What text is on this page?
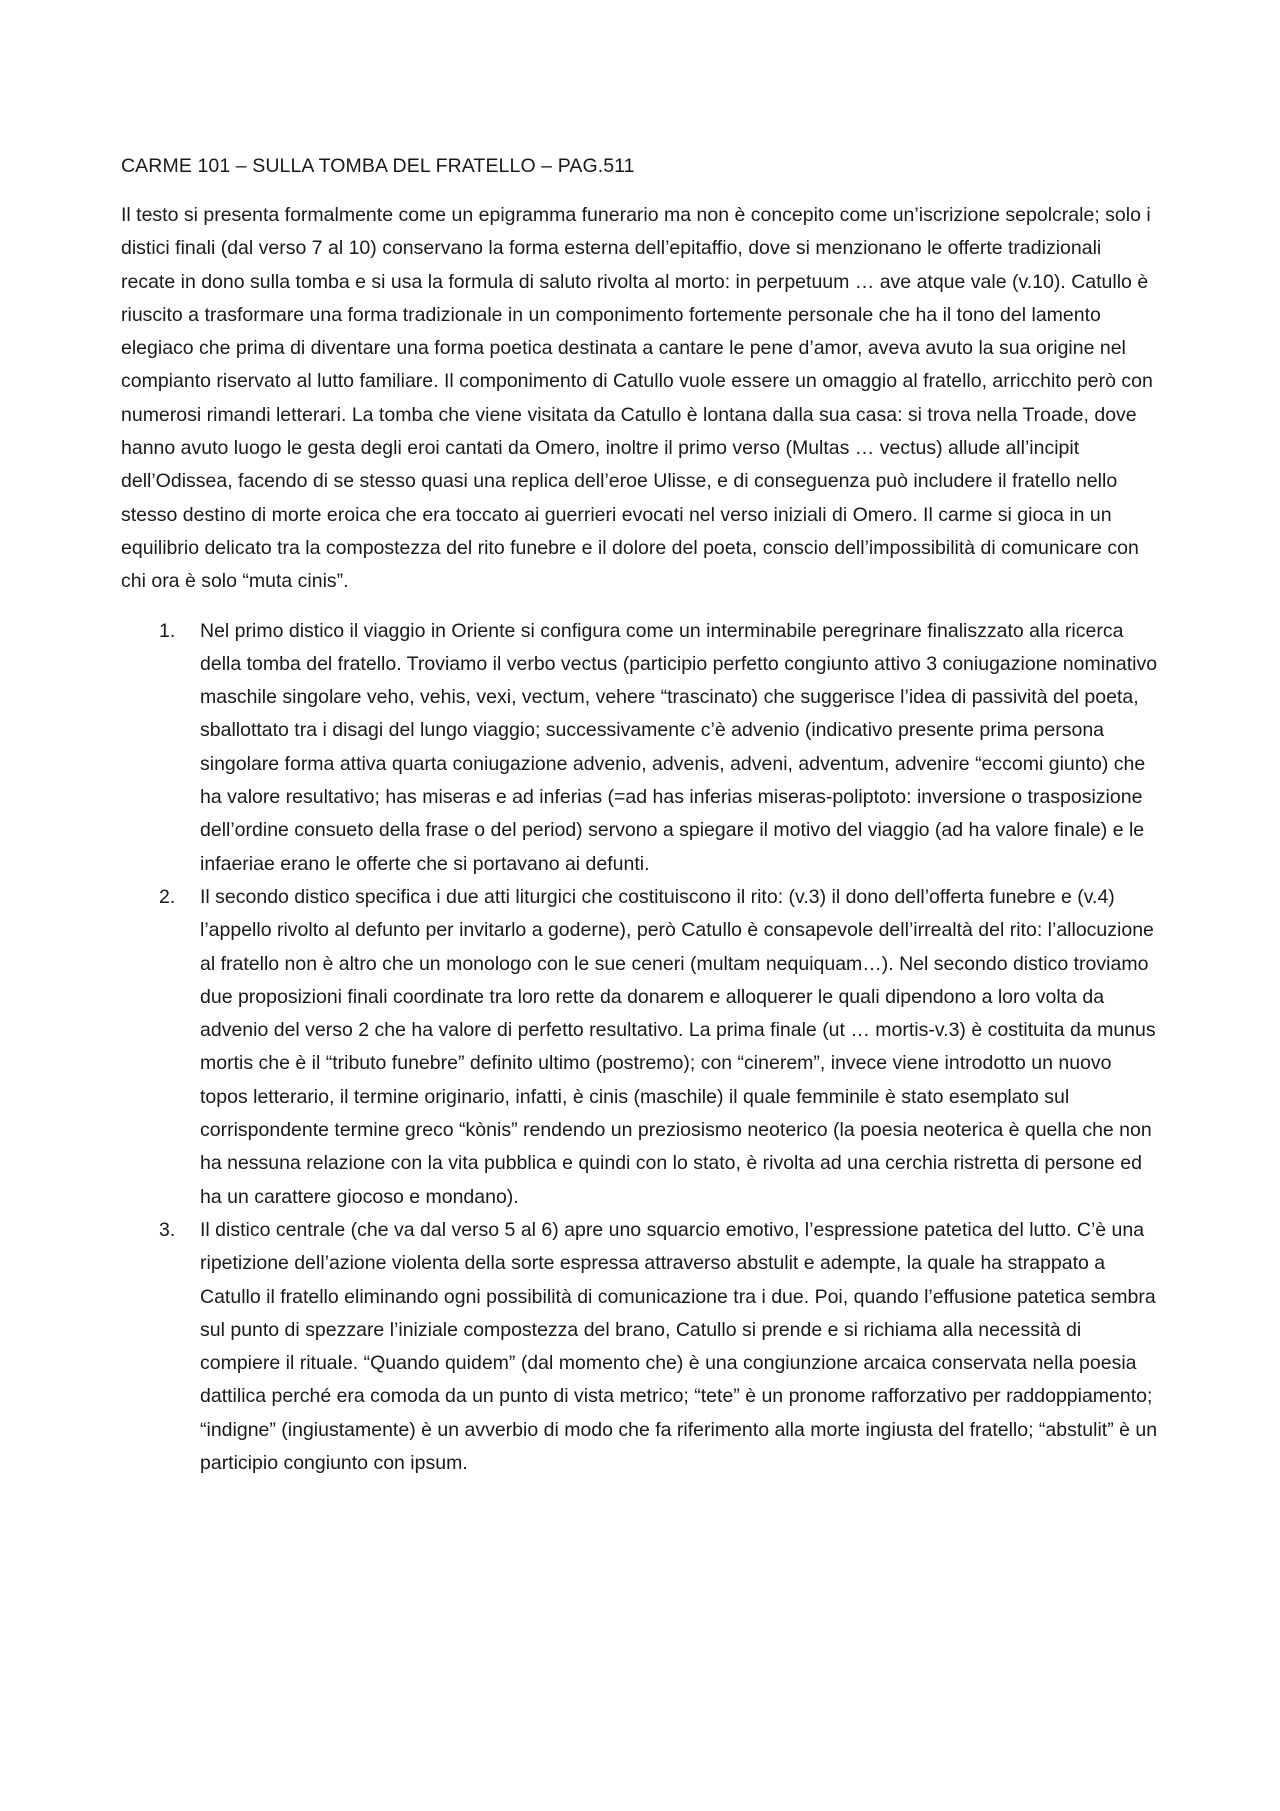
CARME 101 – SULLA TOMBA DEL FRATELLO – PAG.511

Il testo si presenta formalmente come un epigramma funerario ma non è concepito come un’iscrizione sepolcrale; solo i distici finali (dal verso 7 al 10) conservano la forma esterna dell’epitaffio, dove si menzionano le offerte tradizionali recate in dono sulla tomba e si usa la formula di saluto rivolta al morto: in perpetuum … ave atque vale (v.10). Catullo è riuscito a trasformare una forma tradizionale in un componimento fortemente personale che ha il tono del lamento elegiaco che prima di diventare una forma poetica destinata a cantare le pene d’amor, aveva avuto la sua origine nel compianto riservato al lutto familiare. Il componimento di Catullo vuole essere un omaggio al fratello, arricchito però con numerosi rimandi letterari. La tomba che viene visitata da Catullo è lontana dalla sua casa: si trova nella Troade, dove hanno avuto luogo le gesta degli eroi cantati da Omero, inoltre il primo verso (Multas … vectus) allude all’incipit dell’Odissea, facendo di se stesso quasi una replica dell’eroe Ulisse, e di conseguenza può includere il fratello nello stesso destino di morte eroica che era toccato ai guerrieri evocati nel verso iniziali di Omero. Il carme si gioca in un equilibrio delicato tra la compostezza del rito funebre e il dolore del poeta, conscio dell’impossibilità di comunicare con chi ora è solo “muta cinis”.

1. Nel primo distico il viaggio in Oriente si configura come un interminabile peregrinare finaliszzato alla ricerca della tomba del fratello. Troviamo il verbo vectus (participio perfetto congiunto attivo 3 coniugazione nominativo maschile singolare veho, vehis, vexi, vectum, vehere “trascinato) che suggerisce l’idea di passività del poeta, sballottato tra i disagi del lungo viaggio; successivamente c’è advenio (indicativo presente prima persona singolare forma attiva quarta coniugazione advenio, advenis, adveni, adventum, advenire “eccomi giunto) che ha valore resultativo; has miseras e ad inferias (=ad has inferias miseras-poliptoto: inversione o trasposizione dell’ordine consueto della frase o del period) servono a spiegare il motivo del viaggio (ad ha valore finale) e le infaeriae erano le offerte che si portavano ai defunti.
2. Il secondo distico specifica i due atti liturgici che costituiscono il rito: (v.3) il dono dell’offerta funebre e (v.4) l’appello rivolto al defunto per invitarlo a goderne), però Catullo è consapevole dell’irrealtà del rito: l’allocuzione al fratello non è altro che un monologo con le sue ceneri (multam nequiquam…). Nel secondo distico troviamo due proposizioni finali coordinate tra loro rette da donarem e alloquerer le quali dipendono a loro volta da advenio del verso 2 che ha valore di perfetto resultativo. La prima finale (ut … mortis-v.3) è costituita da munus mortis che è il “tributo funebre” definito ultimo (postremo); con “cinerem”, invece viene introdotto un nuovo topos letterario, il termine originario, infatti, è cinis (maschile) il quale femminile è stato esemplato sul corrispondente termine greco “kònis” rendendo un preziosismo neoterico (la poesia neoterica è quella che non ha nessuna relazione con la vita pubblica e quindi con lo stato, è rivolta ad una cerchia ristretta di persone ed ha un carattere giocoso e mondano).
3. Il distico centrale (che va dal verso 5 al 6) apre uno squarcio emotivo, l’espressione patetica del lutto. C’è una ripetizione dell’azione violenta della sorte espressa attraverso abstulit e adempte, la quale ha strappato a Catullo il fratello eliminando ogni possibilità di comunicazione tra i due. Poi, quando l’effusione patetica sembra sul punto di spezzare l’iniziale compostezza del brano, Catullo si prende e si richiama alla necessità di compiere il rituale. “Quando quidem” (dal momento che) è una congiunzione arcaica conservata nella poesia dattilica perché era comoda da un punto di vista metrico; “tete” è un pronome rafforzativo per raddoppiamento; “indigne” (ingiustamente) è un avverbio di modo che fa riferimento alla morte ingiusta del fratello; “abstulit” è un participio congiunto con ipsum.
